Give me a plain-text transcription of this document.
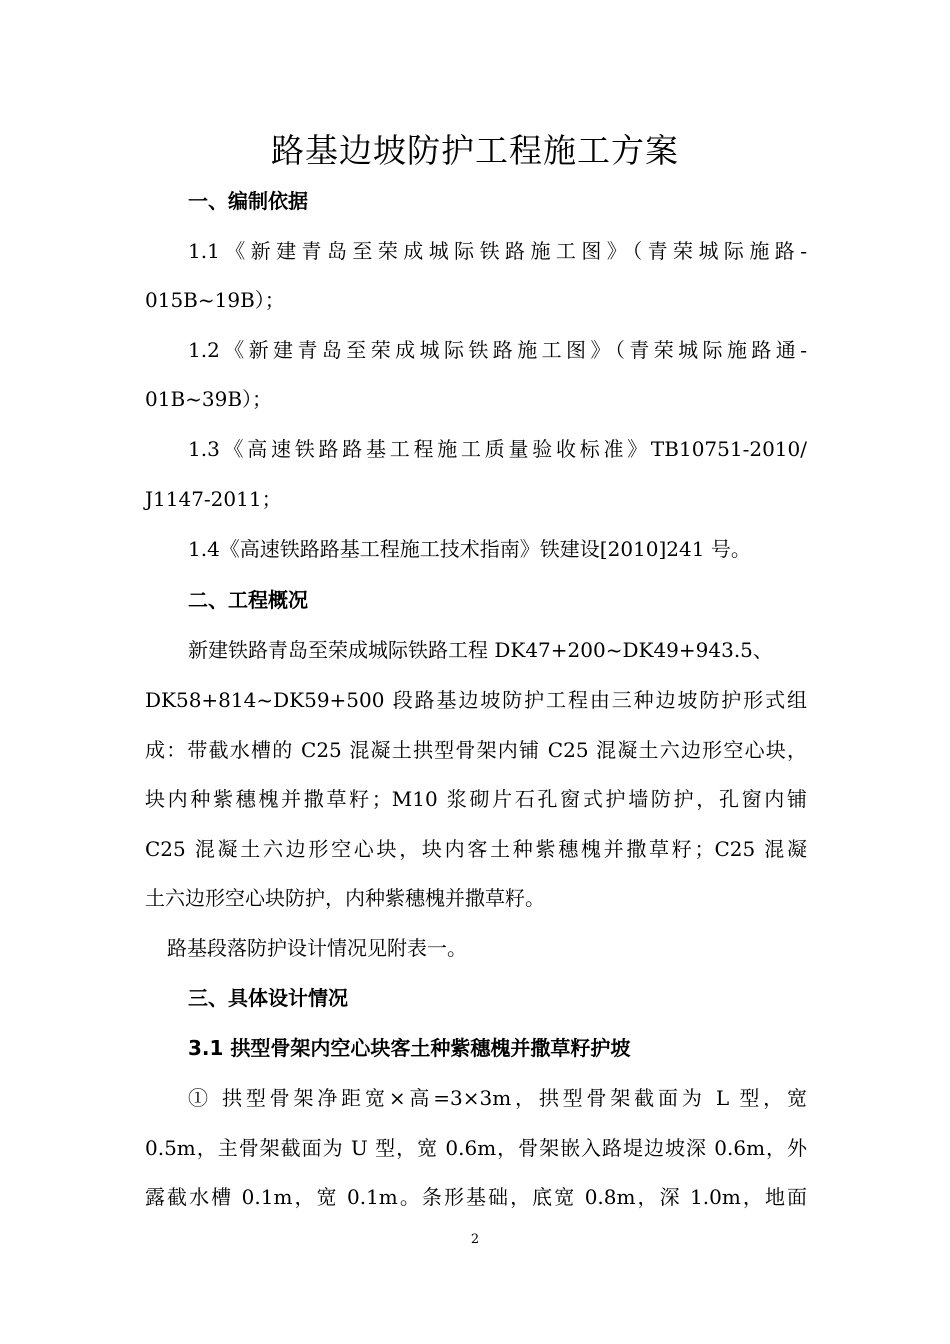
路基边坡防护工程施工方案
一、编制依据
1.1《新建青岛至荣成城际铁路施工图》（青荣城际施路-
015B~19B）；
1.2《新建青岛至荣成城际铁路施工图》（青荣城际施路通-
01B~39B）；
1.3《高速铁路路基工程施工质量验收标准》TB10751-2010/
J1147-2011；
1.4《高速铁路路基工程施工技术指南》铁建设[2010]241 号。
二、工程概况
新建铁路青岛至荣成城际铁路工程 DK47+200~DK49+943.5、
DK58+814~DK59+500 段路基边坡防护工程由三种边坡防护形式组
成：带截水槽的 C25 混凝土拱型骨架内铺 C25 混凝土六边形空心块，
块内种紫穗槐并撒草籽；M10 浆砌片石孔窗式护墙防护，孔窗内铺
C25 混凝土六边形空心块，块内客土种紫穗槐并撒草籽；C25 混凝
土六边形空心块防护，内种紫穗槐并撒草籽。
路基段落防护设计情况见附表一。
三、具体设计情况
3.1 拱型骨架内空心块客土种紫穗槐并撒草籽护坡
① 拱型骨架净距宽×高=3×3m，拱型骨架截面为 L 型，宽
0.5m，主骨架截面为 U 型，宽 0.6m，骨架嵌入路堤边坡深 0.6m，外
露截水槽 0.1m，宽 0.1m。条形基础，底宽 0.8m，深 1.0m，地面
2
